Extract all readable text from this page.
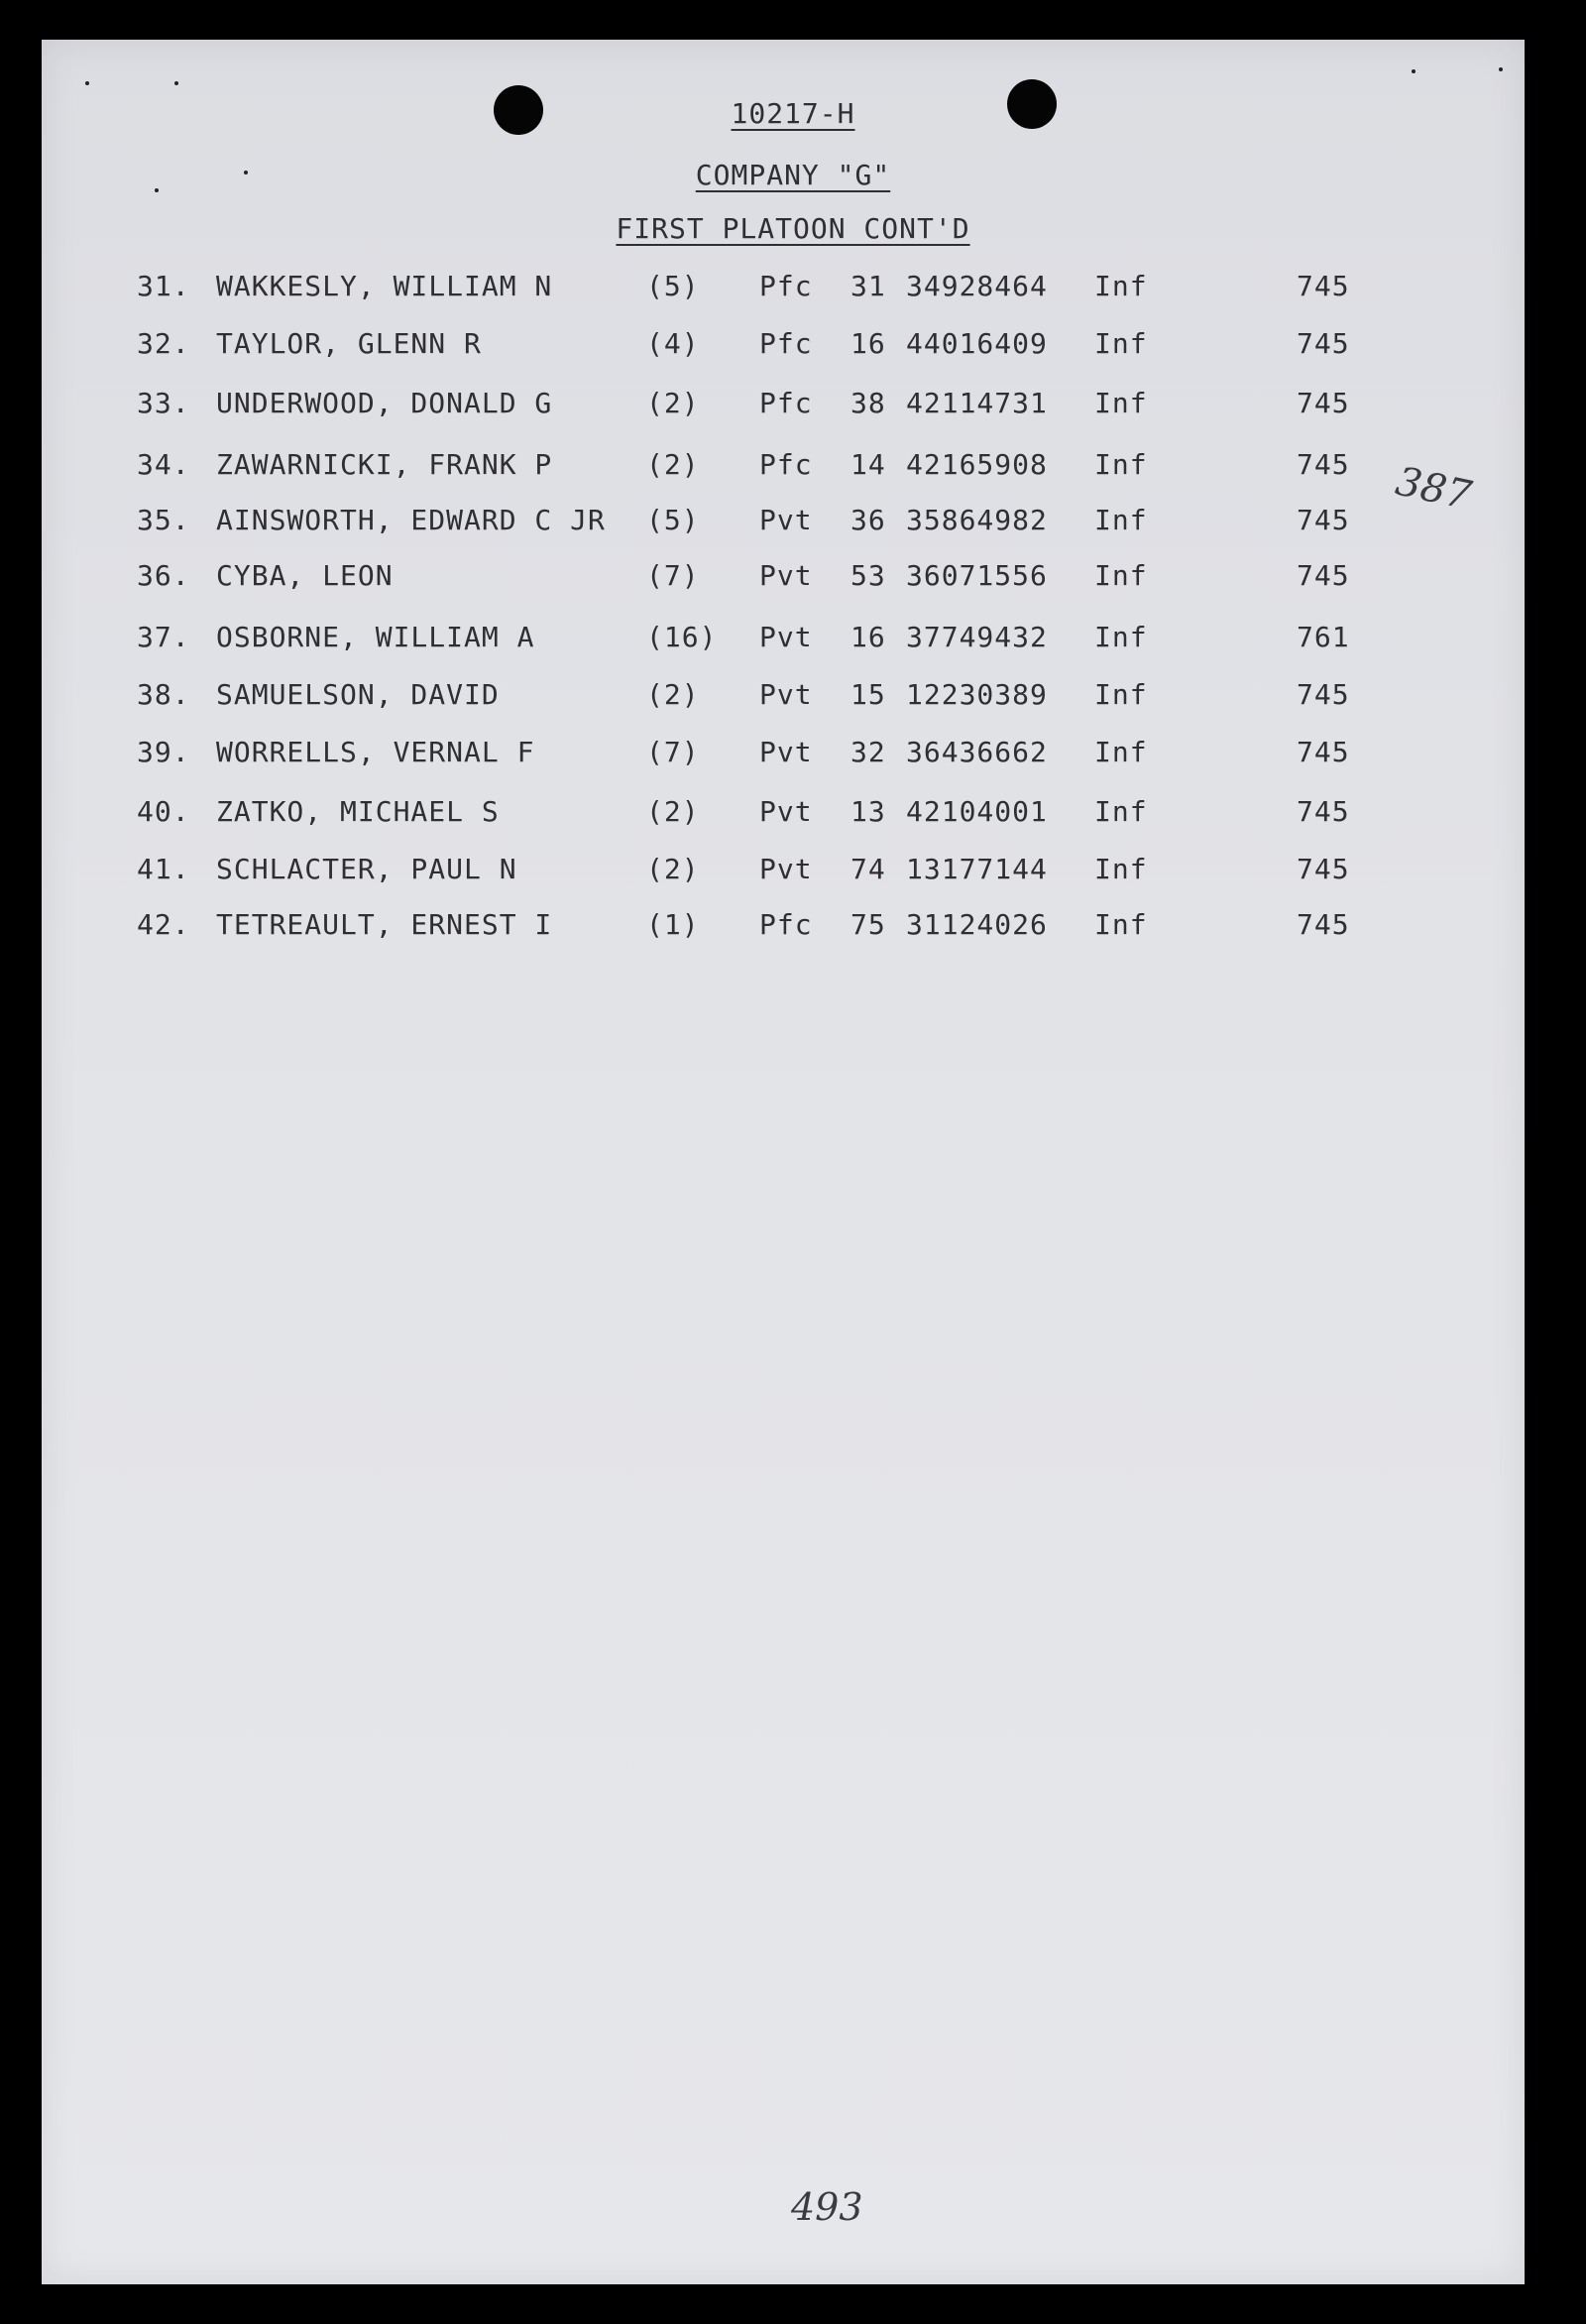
10217-H
COMPANY "G"
FIRST PLATOON CONT'D
31. WAKKESLY, WILLIAM N	(5) Pfc 31 34928464 Inf	745
32. TAYLOR, GLENN R	(4) Pfc 16 44016409 Inf	745
33. UNDERWOOD, DONALD G	(2) Pfc 38 42114731 Inf	745
34. ZAWARNICKI, FRANK P	(2) Pfc 14 42165908 Inf	745
35. AINSWORTH, EDWARD C JR (5) Pvt 36 35864982 Inf	745
36. CYBA, LEON	(7) Pvt 53 36071556 Inf	745
37. OSBORNE, WILLIAM A	(16) Pvt 16 37749432 Inf	761
38. SAMUELSON, DAVID	(2) Pvt 15 12230389 Inf	745
39. WORRELLS, VERNAL F	(7) Pvt 32 36436662 Inf	745
40. ZATKO, MICHAEL S	(2) Pvt 13 42104001 Inf	745
41. SCHLACTER, PAUL N	(2) Pvt 74 13177144 Inf	745
42. TETREAULT, ERNEST I	(1) Pfc 75 31124026 Inf	745
387
493
